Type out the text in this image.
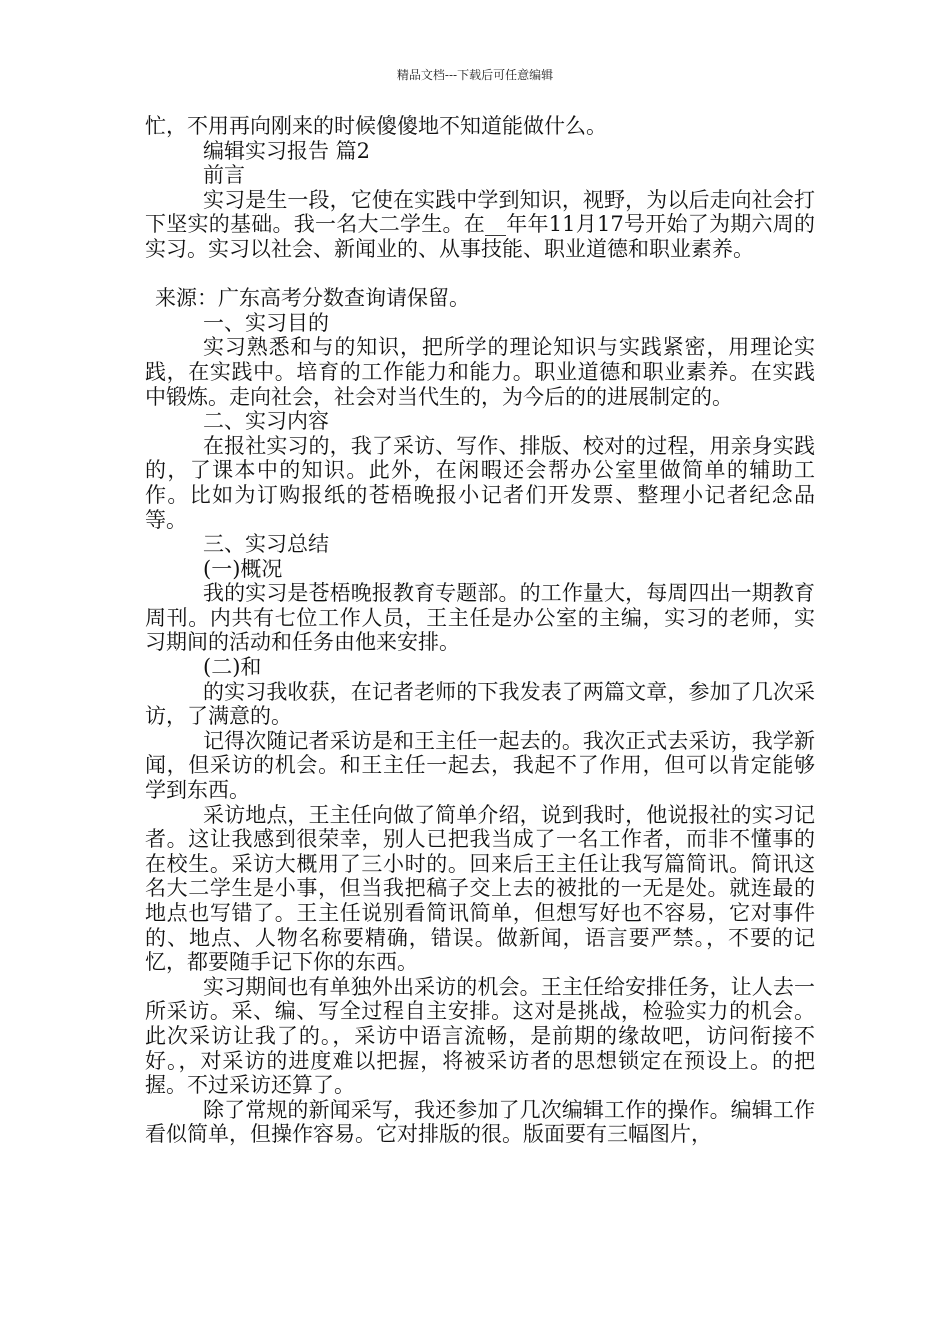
精品文档---下载后可任意编辑

忙，不用再向刚来的时候傻傻地不知道能做什么。

编辑实习报告 篇2

前言

实习是生一段，它使在实践中学到知识，视野，为以后走向社会打下坚实的基础。我一名大二学生。在__年年11月17号开始了为期六周的实习。实习以社会、新闻业的、从事技能、职业道德和职业素养。

来源：广东高考分数查询请保留。

一、实习目的

实习熟悉和与的知识，把所学的理论知识与实践紧密，用理论实践，在实践中。培育的工作能力和能力。职业道德和职业素养。在实践中锻炼。走向社会，社会对当代生的，为今后的的进展制定的。

二、实习内容

在报社实习的，我了采访、写作、排版、校对的过程，用亲身实践的，了课本中的知识。此外，在闲暇还会帮办公室里做简单的辅助工作。比如为订购报纸的苍梧晚报小记者们开发票、整理小记者纪念品等。

三、实习总结

(一)概况

我的实习是苍梧晚报教育专题部。的工作量大，每周四出一期教育周刊。内共有七位工作人员，王主任是办公室的主编，实习的老师，实习期间的活动和任务由他来安排。

(二)和

的实习我收获，在记者老师的下我发表了两篇文章，参加了几次采访，了满意的。

记得次随记者采访是和王主任一起去的。我次正式去采访，我学新闻，但采访的机会。和王主任一起去，我起不了作用，但可以肯定能够学到东西。

采访地点，王主任向做了简单介绍，说到我时，他说报社的实习记者。这让我感到很荣幸，别人已把我当成了一名工作者，而非不懂事的在校生。采访大概用了三小时的。回来后王主任让我写篇简讯。简讯这名大二学生是小事，但当我把稿子交上去的被批的一无是处。就连最的地点也写错了。王主任说别看简讯简单，但想写好也不容易，它对事件的、地点、人物名称要精确，错误。做新闻，语言要严禁。，不要的记忆，都要随手记下你的东西。

实习期间也有单独外出采访的机会。王主任给安排任务，让人去一所采访。采、编、写全过程自主安排。这对是挑战，检验实力的机会。此次采访让我了的。，采访中语言流畅，是前期的缘故吧，访问衔接不好。，对采访的进度难以把握，将被采访者的思想锁定在预设上。的把握。不过采访还算了。

除了常规的新闻采写，我还参加了几次编辑工作的操作。编辑工作看似简单，但操作容易。它对排版的很。版面要有三幅图片，
